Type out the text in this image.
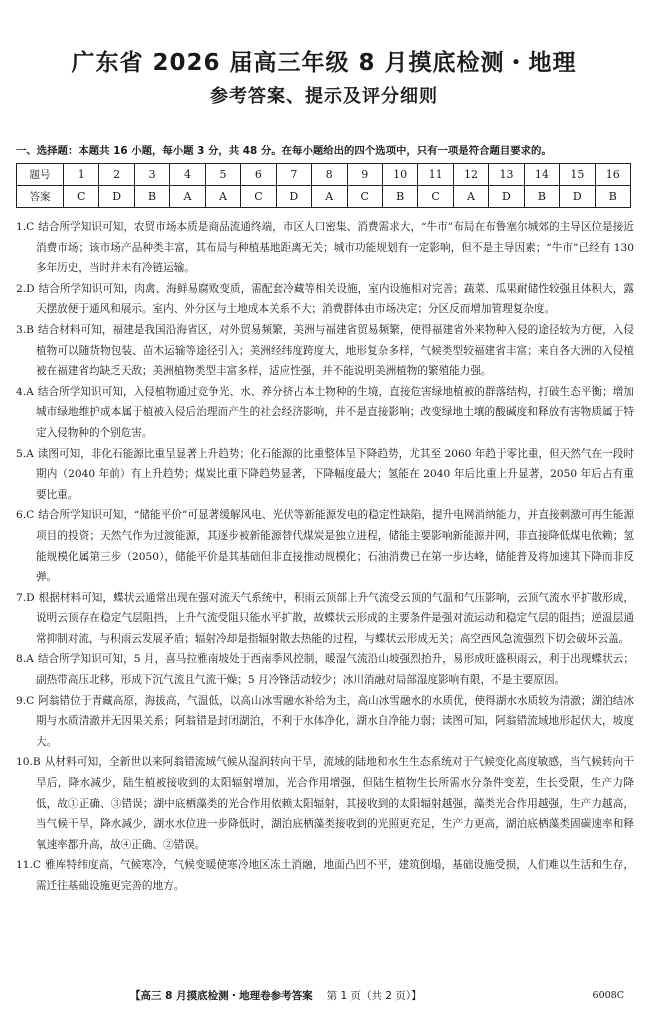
广东省 2026 届高三年级 8 月摸底检测・地理
参考答案、提示及评分细则
一、选择题：本题共 16 小题，每小题 3 分，共 48 分。在每小题给出的四个选项中，只有一项是符合题目要求的。
题号	1	2	3	4	5	6	7	8	9	10	11	12	13	14	15	16
答案	C	D	B	A	A	C	D	A	C	B	C	A	D	B	D	B

1.C 结合所学知识可知，农贸市场本质是商品流通终端，市区人口密集、消费需求大，“牛市”布局在布鲁塞尔城郊的主导区位是接近消费市场；该市场产品种类丰富，其布局与种植基地距离无关；城市功能规划有一定影响，但不是主导因素；“牛市”已经有 130 多年历史，当时并未有冷链运输。

2.D 结合所学知识可知，肉禽、海鲜易腐败变质，需配套冷藏等相关设施，室内设施相对完善；蔬菜、瓜果耐储性较强且体积大，露天摆放便于通风和展示。室内、外分区与土地成本关系不大；消费群体由市场决定；分区反而增加管理复杂度。

3.B 结合材料可知，福建是我国沿海省区，对外贸易频繁，美洲与福建省贸易频繁，使得福建省外来物种入侵的途径较为方便，入侵植物可以随货物包装、苗木运输等途径引入；美洲经纬度跨度大，地形复杂多样，气候类型较福建省丰富；来自各大洲的入侵植被在福建省均缺乏天敌；美洲植物类型丰富多样，适应性强，并不能说明美洲植物的繁殖能力强。

4.A 结合所学知识可知，入侵植物通过竞争光、水、养分挤占本土物种的生境，直接危害绿地植被的群落结构，打破生态平衡；增加城市绿地维护成本属于植被入侵后治理而产生的社会经济影响，并不是直接影响；改变绿地土壤的酸碱度和释放有害物质属于特定入侵物种的个别危害。

5.A 读图可知，非化石能源比重呈显著上升趋势；化石能源的比重整体呈下降趋势，尤其至 2060 年趋于零比重，但天然气在一段时期内（2040 年前）有上升趋势；煤炭比重下降趋势显著，下降幅度最大；氢能在 2040 年后比重上升显著，2050 年后占有重要比重。

6.C 结合所学知识可知，“储能平价”可显著缓解风电、光伏等新能源发电的稳定性缺陷，提升电网消纳能力，并直接刺激可再生能源项目的投资；天然气作为过渡能源，其逐步被新能源替代煤炭是独立进程，储能主要影响新能源并网，非直接降低煤电依赖；氢能规模化属第三步（2050），储能平价是其基础但非直接推动规模化；石油消费已在第一步达峰，储能普及将加速其下降而非反弹。

7.D 根据材料可知，蝶状云通常出现在强对流天气系统中，积雨云顶部上升气流受云顶的气温和气压影响，云顶气流水平扩散形成，说明云顶存在稳定气层阻挡，上升气流受阻只能水平扩散，故蝶状云形成的主要条件是强对流运动和稳定气层的阻挡；逆温层通常抑制对流，与积雨云发展矛盾；辐射冷却是指辐射散去热能的过程，与蝶状云形成无关；高空西风急流强烈下切会破坏云盖。

8.A 结合所学知识可知，5 月，喜马拉雅南坡处于西南季风控制，暖湿气流沿山坡强烈抬升，易形成旺盛积雨云，利于出现蝶状云；副热带高压北移，形成下沉气流且气流干燥；5 月冷锋活动较少；冰川消融对局部湿度影响有限，不是主要原因。

9.C 阿翁错位于青藏高原，海拔高，气温低，以高山冰雪融水补给为主，高山冰雪融水的水质优，使得湖水水质较为清澈；湖泊结冰期与水质清澈并无因果关系；阿翁错是封闭湖泊，不利于水体净化，湖水自净能力弱；读图可知，阿翁错流域地形起伏大，坡度大。

10.B 从材料可知，全新世以来阿翁错流域气候从湿润转向干旱，流域的陆地和水生生态系统对于气候变化高度敏感，当气候转向干旱后，降水减少，陆生植被接收到的太阳辐射增加，光合作用增强，但陆生植物生长所需水分条件变差，生长受限，生产力降低，故①正确、③错误；湖中底栖藻类的光合作用依赖太阳辐射，其接收到的太阳辐射越强，藻类光合作用越强，生产力越高，当气候干旱，降水减少，湖水水位进一步降低时，湖泊底栖藻类接收到的光照更充足，生产力更高，湖泊底栖藻类固碳速率和释氧速率都升高，故④正确、②错误。

11.C 雅库特纬度高，气候寒冷，气候变暖使寒冷地区冻土消融，地面凸凹不平，建筑倒塌，基础设施受损，人们难以生活和生存，需迁往基础设施更完善的地方。

【高三 8 月摸底检测・地理卷参考答案 第 1 页（共 2 页）】	6008C
